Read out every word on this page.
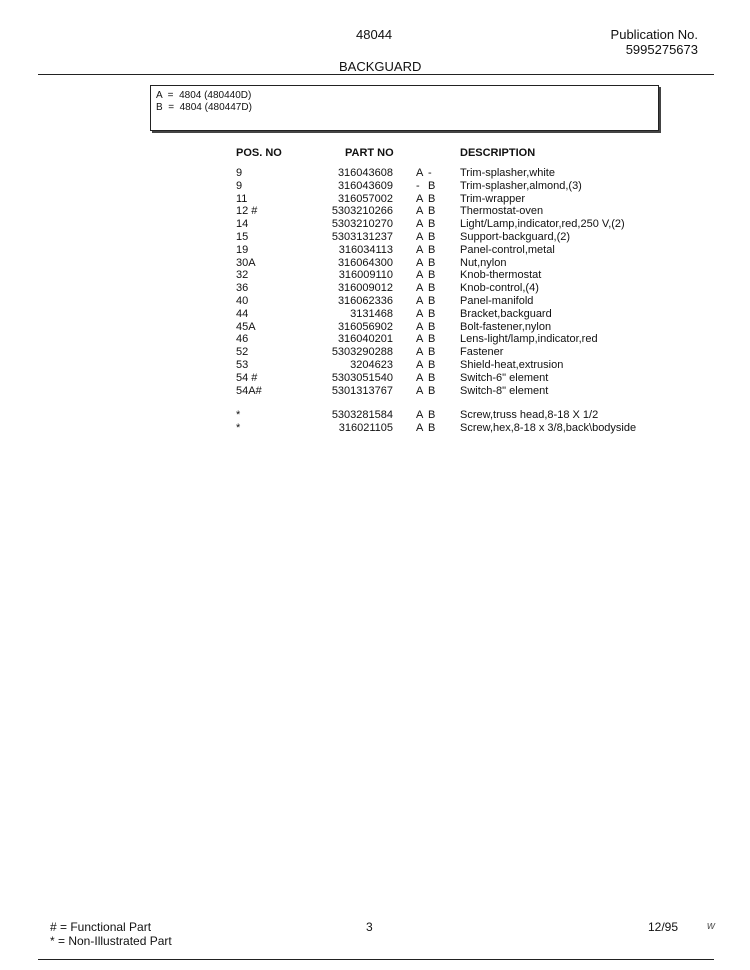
48044	Publication No.
5995275673
BACKGUARD
A  =  4804 (480440D)
B  =  4804 (480447D)
POS. NO	PART NO	DESCRIPTION
9	316043608 A -	Trim-splasher,white
9	316043609 - B Trim-splasher,almond,(3)
11	316057002 A B Trim-wrapper
12 #	5303210266 A B Thermostat-oven
14	5303210270 A B Light/Lamp,indicator,red,250 V,(2)
15	5303131237 A B Support-backguard,(2)
19	316034113 A B Panel-control,metal
30A	316064300 A B Nut,nylon
32	316009110 A B Knob-thermostat
36	316009012 A B Knob-control,(4)
40	316062336 A B Panel-manifold
44	3131468 A B Bracket,backguard
45A	316056902 A B Bolt-fastener,nylon
46	316040201 A B Lens-light/lamp,indicator,red
52	5303290288 A B Fastener
53	3204623 A B Shield-heat,extrusion
54 #	5303051540 A B Switch-6" element
54A#	5301313767 A B Switch-8" element
*	5303281584 A B Screw,truss head,8-18 X 1/2
*	316021105 A B Screw,hex,8-18 x 3/8,back\bodyside
# = Functional Part
* = Non-Illustrated Part
3	12/95	w
